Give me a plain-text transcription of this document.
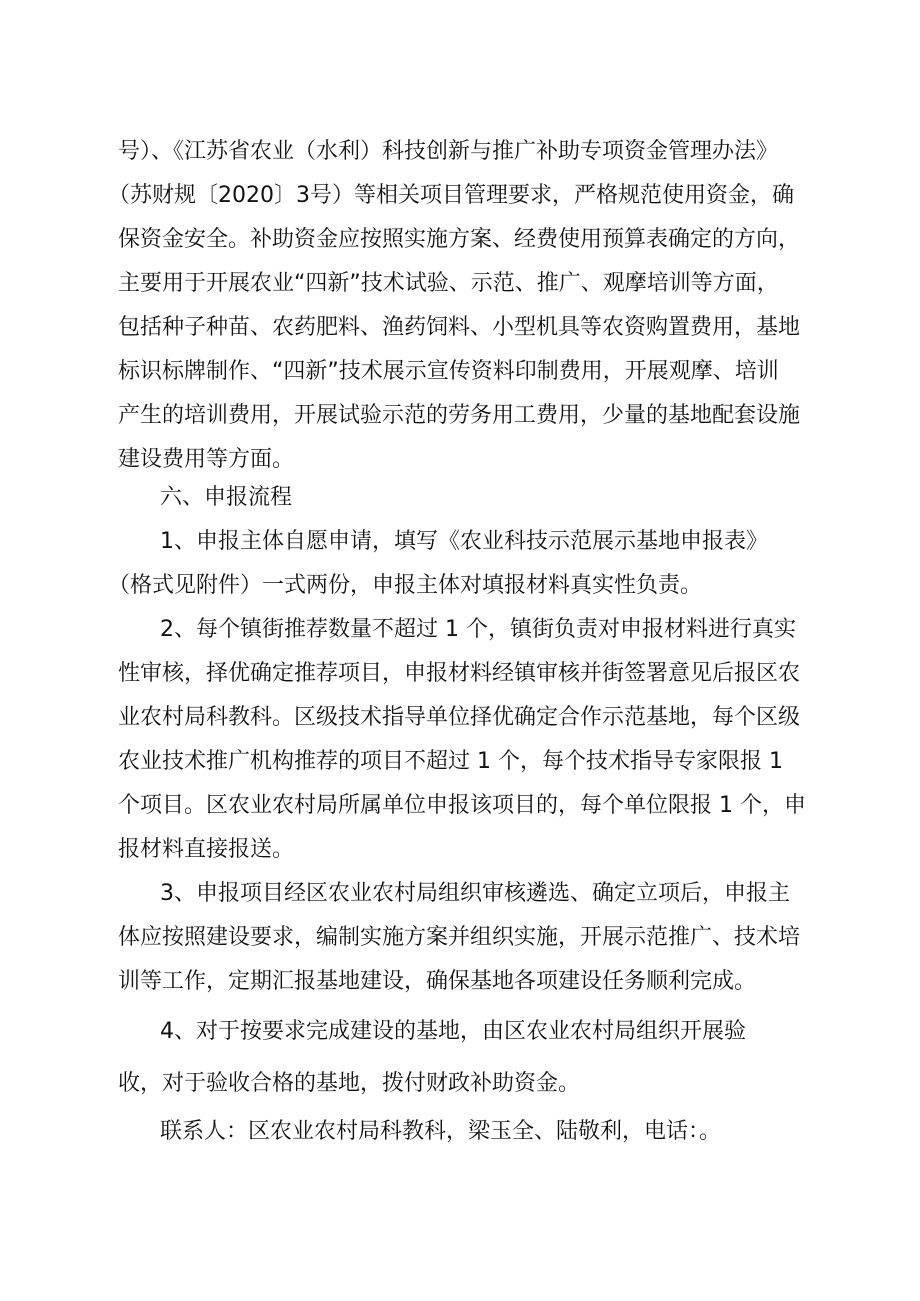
号）、《江苏省农业（水利）科技创新与推广补助专项资金管理办法》
（苏财规〔2020〕3号）等相关项目管理要求，严格规范使用资金，确
保资金安全。补助资金应按照实施方案、经费使用预算表确定的方向，
主要用于开展农业“四新”技术试验、示范、推广、观摩培训等方面，
包括种子种苗、农药肥料、渔药饲料、小型机具等农资购置费用，基地
标识标牌制作、“四新”技术展示宣传资料印制费用，开展观摩、培训
产生的培训费用，开展试验示范的劳务用工费用，少量的基地配套设施
建设费用等方面。
六、申报流程
1、申报主体自愿申请，填写《农业科技示范展示基地申报表》
（格式见附件）一式两份，申报主体对填报材料真实性负责。
2、每个镇街推荐数量不超过 1 个，镇街负责对申报材料进行真实
性审核，择优确定推荐项目，申报材料经镇审核并街签署意见后报区农
业农村局科教科。区级技术指导单位择优确定合作示范基地，每个区级
农业技术推广机构推荐的项目不超过 1 个，每个技术指导专家限报 1
个项目。区农业农村局所属单位申报该项目的，每个单位限报 1 个，申
报材料直接报送。
3、申报项目经区农业农村局组织审核遴选、确定立项后，申报主
体应按照建设要求，编制实施方案并组织实施，开展示范推广、技术培
训等工作，定期汇报基地建设，确保基地各项建设任务顺利完成。
4、对于按要求完成建设的基地，由区农业农村局组织开展验
收，对于验收合格的基地，拨付财政补助资金。
联系人：区农业农村局科教科，梁玉全、陆敬利，电话：。
